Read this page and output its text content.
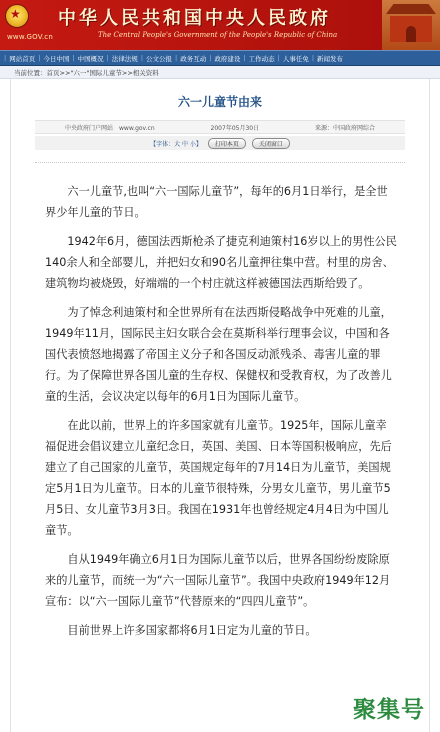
★
www.GOV.cn
中华人民共和国中央人民政府
The Central People's Government of the People's Republic of China
| 网站首页 | 今日中国 | 中国概况 | 法律法规 | 公文公报 | 政务互动 | 政府建设 | 工作动态 | 人事任免 | 新闻发布
当前位置： 首页>>"六一"国际儿童节>>相关资料
六一儿童节由来
中央政府门户网站　www.gov.cn	2007年05月30日	来源：中国政府网综合
【字体：大 中 小】	打印本页	关闭窗口

六一儿童节,也叫“六一国际儿童节”，每年的6月1日举行，是全世界少年儿童的节日。

1942年6月，德国法西斯枪杀了捷克利迪策村16岁以上的男性公民140余人和全部婴儿，并把妇女和90名儿童押往集中营。村里的房舍、建筑物均被烧毁，好端端的一个村庄就这样被德国法西斯给毁了。

为了悼念利迪策村和全世界所有在法西斯侵略战争中死难的儿童，1949年11月，国际民主妇女联合会在莫斯科举行理事会议，中国和各国代表愤怒地揭露了帝国主义分子和各国反动派残杀、毒害儿童的罪行。为了保障世界各国儿童的生存权、保健权和受教育权，为了改善儿童的生活，会议决定以每年的6月1日为国际儿童节。

在此以前，世界上的许多国家就有儿童节。1925年，国际儿童幸福促进会倡议建立儿童纪念日，英国、美国、日本等国积极响应，先后建立了自己国家的儿童节，英国规定每年的7月14日为儿童节，美国规定5月1日为儿童节。日本的儿童节很特殊，分男女儿童节，男儿童节5月5日、女儿童节3月3日。我国在1931年也曾经规定4月4日为中国儿童节。

自从1949年确立6月1日为国际儿童节以后，世界各国纷纷废除原来的儿童节，而统一为“六一国际儿童节”。我国中央政府1949年12月宣布：以“六一国际儿童节”代替原来的“四四儿童节”。

目前世界上许多国家都将6月1日定为儿童的节日。

聚集号
